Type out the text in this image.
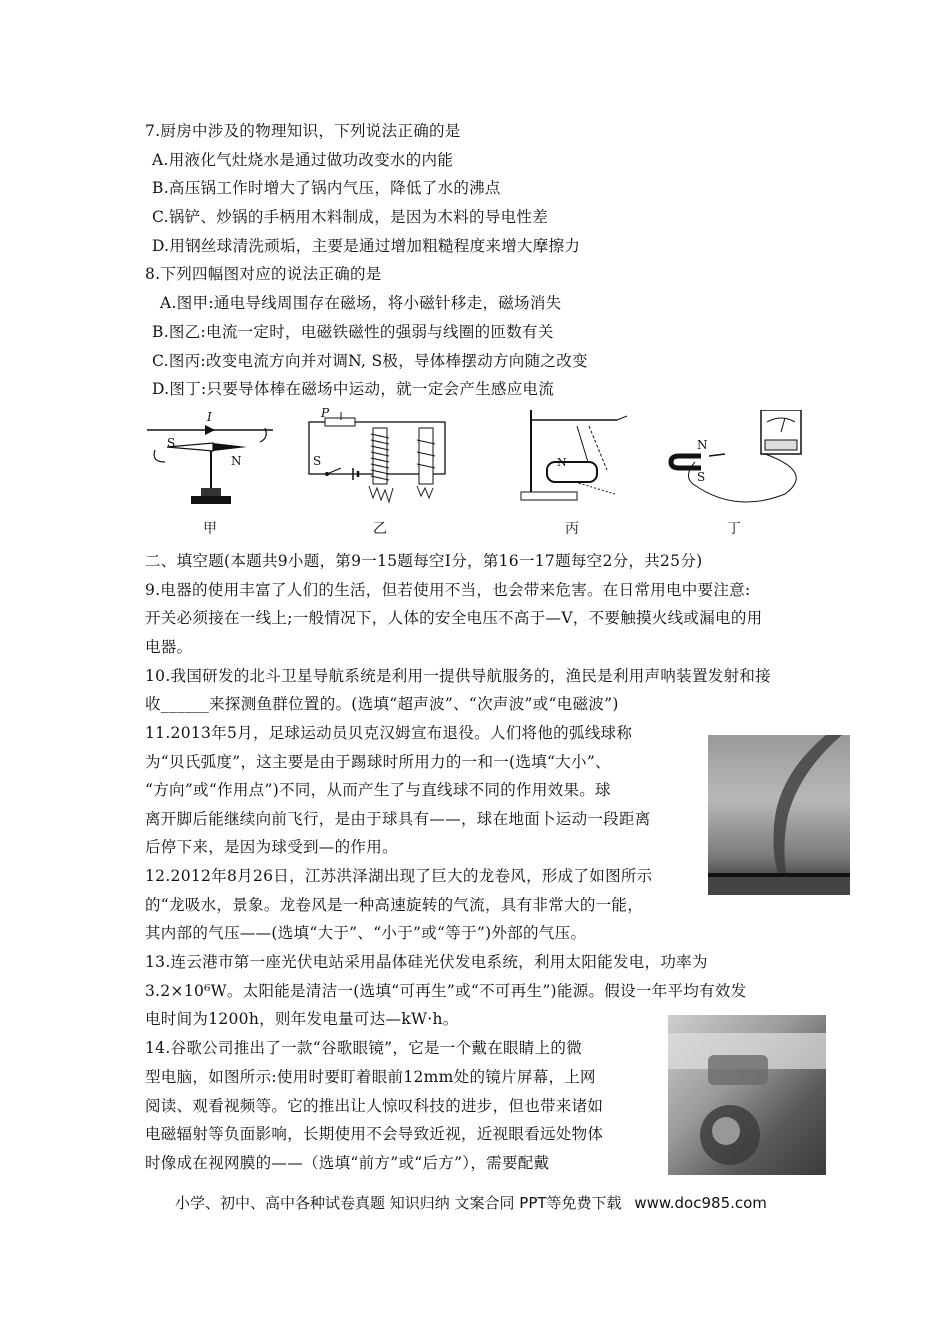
7.厨房中涉及的物理知识，下列说法正确的是
A.用液化气灶烧水是通过做功改变水的内能
B.高压锅工作时增大了锅内气压，降低了水的沸点
C.锅铲、炒锅的手柄用木料制成，是因为木料的导电性差
D.用钢丝球清洗顽垢，主要是通过增加粗糙程度来增大摩擦力
8.下列四幅图对应的说法正确的是
A.图甲:通电导线周围存在磁场，将小磁针移走，磁场消失
B.图乙:电流一定时，电磁铁磁性的强弱与线圈的匝数有关
C.图丙:改变电流方向并对调N, S极，导体棒摆动方向随之改变
D.图丁:只要导体棒在磁场中运动，就一定会产生感应电流
I
S
N
甲
P
S
乙
N
丙
N
S
丁
二、填空题(本题共9小题，第9一15题每空I分，第16一17题每空2分，共25分)
9.电器的使用丰富了人们的生活，但若使用不当，也会带来危害。在日常用电中要注意:
开关必须接在一线上;一般情况下，人体的安全电压不高于—V，不要触摸火线或漏电的用
电器。
10.我国研发的北斗卫星导航系统是利用一提供导航服务的，渔民是利用声呐装置发射和接
收______来探测鱼群位置的。(选填“超声波”、“次声波”或“电磁波”)
11.2013年5月，足球运动员贝克汉姆宣布退役。人们将他的弧线球称
为“贝氏弧度”，这主要是由于踢球时所用力的一和一(选填“大小”、
“方向”或“作用点”)不同，从而产生了与直线球不同的作用效果。球
离开脚后能继续向前飞行，是由于球具有——，球在地面卜运动一段距离
后停下来，是因为球受到—的作用。
12.2012年8月26日，江苏洪泽湖出现了巨大的龙卷风，形成了如图所示
的“龙吸水，景象。龙卷风是一种高速旋转的气流，具有非常大的一能，
其内部的气压——(选填“大于”、“小于”或“等于”)外部的气压。
13.连云港市第一座光伏电站采用晶体硅光伏发电系统，利用太阳能发电，功率为
3.2×10⁶W。太阳能是清洁一(选填“可再生”或“不可再生”)能源。假设一年平均有效发
电时间为1200h，则年发电量可达—kW·h。
14.谷歌公司推出了一款“谷歌眼镜”，它是一个戴在眼睛上的微
型电脑，如图所示:使用时要盯着眼前12mm处的镜片屏幕，上网
阅读、观看视频等。它的推出让人惊叹科技的进步，但也带来诸如
电磁辐射等负面影响，长期使用不会导致近视，近视眼看远处物体
时像成在视网膜的——（选填“前方”或“后方”），需要配戴
小学、初中、高中各种试卷真题 知识归纳 文案合同 PPT等免费下载 www.doc985.com
